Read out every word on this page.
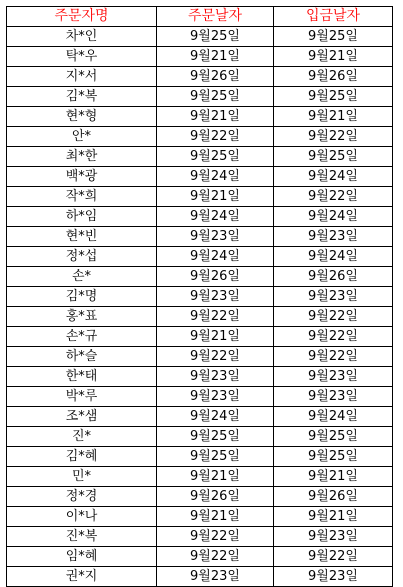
주문자명	주문날자	입금날자
차*인	9월25일	9월25일
탁*우	9월21일	9월21일
지*서	9월26일	9월26일
김*복	9월25일	9월25일
현*형	9월21일	9월21일
안*	9월22일	9월22일
최*한	9월25일	9월25일
백*광	9월24일	9월24일
작*희	9월21일	9월22일
하*임	9월24일	9월24일
현*빈	9월23일	9월23일
정*섭	9월24일	9월24일
손*	9월26일	9월26일
김*명	9월23일	9월23일
홍*표	9월22일	9월22일
손*규	9월21일	9월22일
하*슬	9월22일	9월22일
한*태	9월23일	9월23일
박*루	9월23일	9월23일
조*샘	9월24일	9월24일
진*	9월25일	9월25일
김*혜	9월25일	9월25일
민*	9월21일	9월21일
정*경	9월26일	9월26일
이*나	9월21일	9월21일
진*복	9월22일	9월23일
임*혜	9월22일	9월22일
권*지	9월23일	9월23일
